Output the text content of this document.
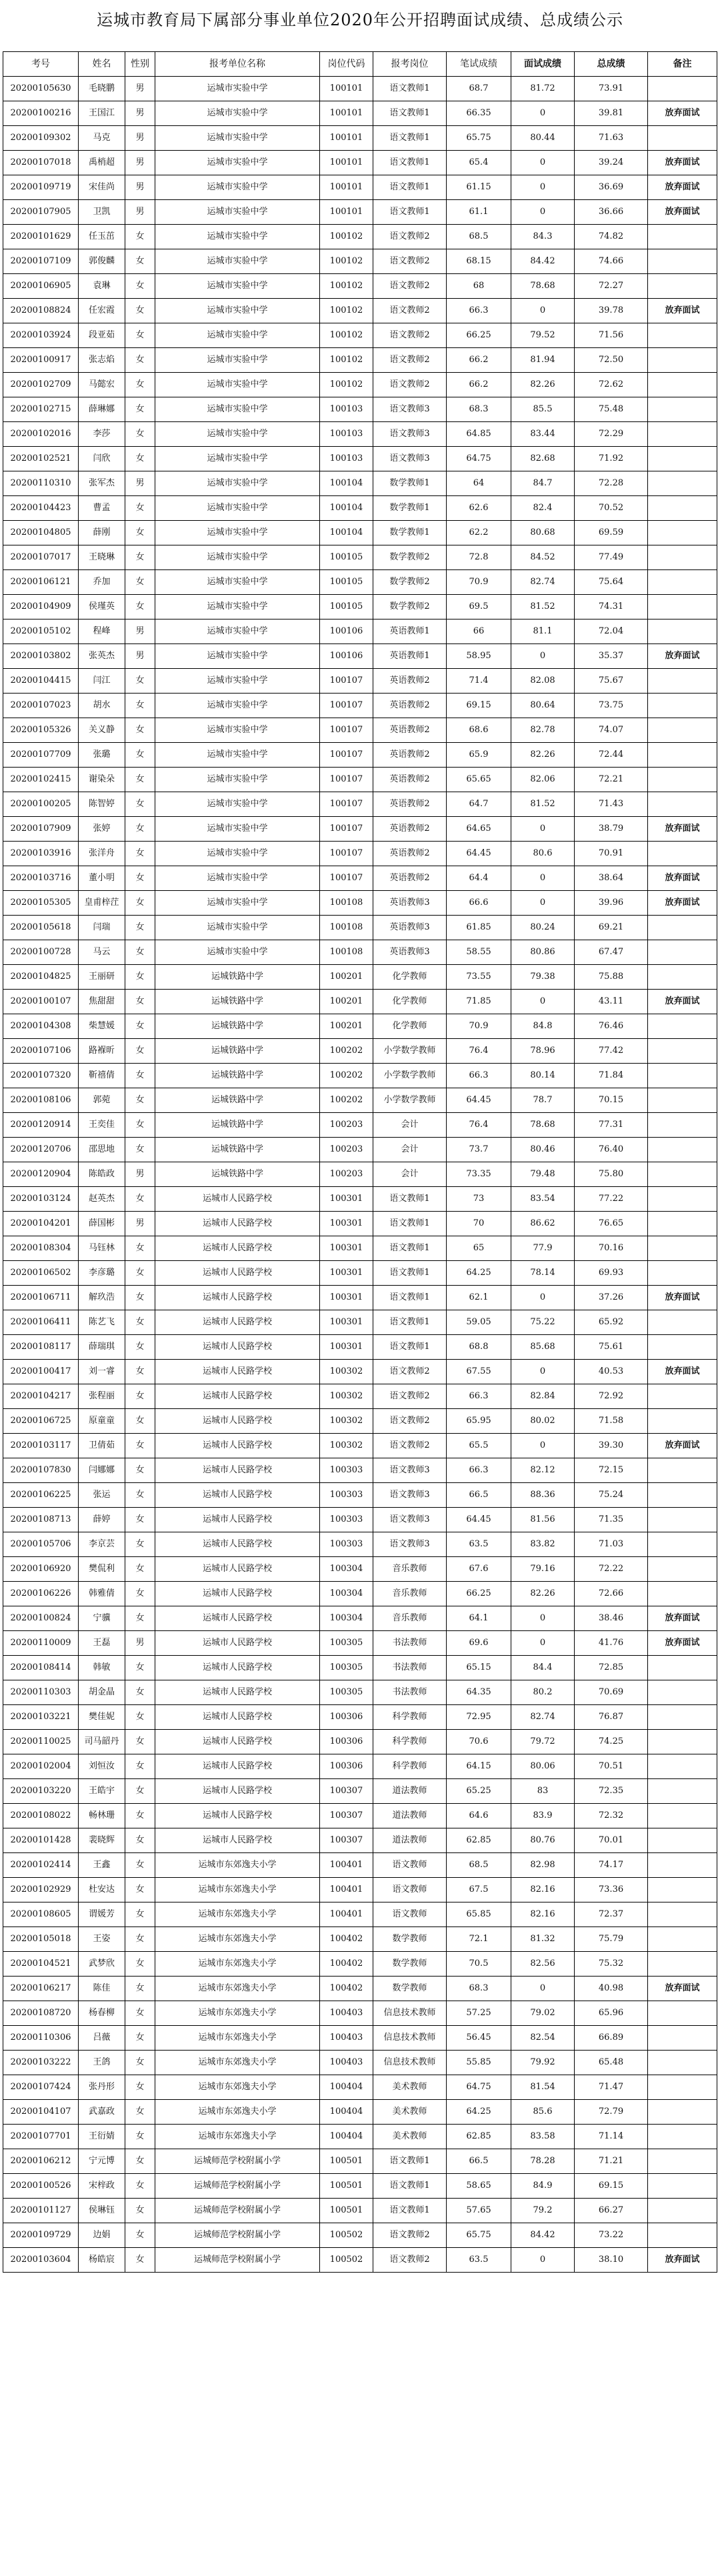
运城市教育局下属部分事业单位2020年公开招聘面试成绩、总成绩公示
考号	姓名	性别	报考单位名称	岗位代码	报考岗位	笔试成绩	面试成绩	总成绩	备注
20200105630	毛晓鹏	男	运城市实验中学	100101	语文教师1	68.7	81.72	73.91	
20200100216	王国江	男	运城市实验中学	100101	语文教师1	66.35	0	39.81	放弃面试
20200109302	马克	男	运城市实验中学	100101	语文教师1	65.75	80.44	71.63	
20200107018	禹梢超	男	运城市实验中学	100101	语文教师1	65.4	0	39.24	放弃面试
20200109719	宋佳尚	男	运城市实验中学	100101	语文教师1	61.15	0	36.69	放弃面试
20200107905	卫凯	男	运城市实验中学	100101	语文教师1	61.1	0	36.66	放弃面试
20200101629	任玉茁	女	运城市实验中学	100102	语文教师2	68.5	84.3	74.82	
20200107109	郭俊麟	女	运城市实验中学	100102	语文教师2	68.15	84.42	74.66	
20200106905	袁琳	女	运城市实验中学	100102	语文教师2	68	78.68	72.27	
20200108824	任宏霞	女	运城市实验中学	100102	语文教师2	66.3	0	39.78	放弃面试
20200103924	段亚茹	女	运城市实验中学	100102	语文教师2	66.25	79.52	71.56	
20200100917	张志焰	女	运城市实验中学	100102	语文教师2	66.2	81.94	72.50	
20200102709	马懿宏	女	运城市实验中学	100102	语文教师2	66.2	82.26	72.62	
20200102715	薛琳娜	女	运城市实验中学	100103	语文教师3	68.3	85.5	75.48	
20200102016	李莎	女	运城市实验中学	100103	语文教师3	64.85	83.44	72.29	
20200102521	闫欣	女	运城市实验中学	100103	语文教师3	64.75	82.68	71.92	
20200110310	张军杰	男	运城市实验中学	100104	数学教师1	64	84.7	72.28	
20200104423	曹孟	女	运城市实验中学	100104	数学教师1	62.6	82.4	70.52	
20200104805	薛刚	女	运城市实验中学	100104	数学教师1	62.2	80.68	69.59	
20200107017	王晓琳	女	运城市实验中学	100105	数学教师2	72.8	84.52	77.49	
20200106121	乔加	女	运城市实验中学	100105	数学教师2	70.9	82.74	75.64	
20200104909	侯瑾英	女	运城市实验中学	100105	数学教师2	69.5	81.52	74.31	
20200105102	程峰	男	运城市实验中学	100106	英语教师1	66	81.1	72.04	
20200103802	张英杰	男	运城市实验中学	100106	英语教师1	58.95	0	35.37	放弃面试
20200104415	闫江	女	运城市实验中学	100107	英语教师2	71.4	82.08	75.67	
20200107023	胡水	女	运城市实验中学	100107	英语教师2	69.15	80.64	73.75	
20200105326	关义静	女	运城市实验中学	100107	英语教师2	68.6	82.78	74.07	
20200107709	张璐	女	运城市实验中学	100107	英语教师2	65.9	82.26	72.44	
20200102415	谢染朵	女	运城市实验中学	100107	英语教师2	65.65	82.06	72.21	
20200100205	陈智婷	女	运城市实验中学	100107	英语教师2	64.7	81.52	71.43	
20200107909	张婷	女	运城市实验中学	100107	英语教师2	64.65	0	38.79	放弃面试
20200103916	张洋舟	女	运城市实验中学	100107	英语教师2	64.45	80.6	70.91	
20200103716	董小明	女	运城市实验中学	100107	英语教师2	64.4	0	38.64	放弃面试
20200105305	皇甫梓茳	女	运城市实验中学	100108	英语教师3	66.6	0	39.96	放弃面试
20200105618	闫瑞	女	运城市实验中学	100108	英语教师3	61.85	80.24	69.21	
20200100728	马云	女	运城市实验中学	100108	英语教师3	58.55	80.86	67.47	
20200104825	王丽研	女	运城铁路中学	100201	化学教师	73.55	79.38	75.88	
20200100107	焦甜甜	女	运城铁路中学	100201	化学教师	71.85	0	43.11	放弃面试
20200104308	柴慧媛	女	运城铁路中学	100201	化学教师	70.9	84.8	76.46	
20200107106	路褓昕	女	运城铁路中学	100202	小学数学教师	76.4	78.96	77.42	
20200107320	靳禧倩	女	运城铁路中学	100202	小学数学教师	66.3	80.14	71.84	
20200108106	郭菀	女	运城铁路中学	100202	小学数学教师	64.45	78.7	70.15	
20200120914	王奕佳	女	运城铁路中学	100203	会计	76.4	78.68	77.31	
20200120706	邵思地	女	运城铁路中学	100203	会计	73.7	80.46	76.40	
20200120904	陈皓政	男	运城铁路中学	100203	会计	73.35	79.48	75.80	
20200103124	赵英杰	女	运城市人民路学校	100301	语文教师1	73	83.54	77.22	
20200104201	薛国彬	男	运城市人民路学校	100301	语文教师1	70	86.62	76.65	
20200108304	马钰林	女	运城市人民路学校	100301	语文教师1	65	77.9	70.16	
20200106502	李彦璐	女	运城市人民路学校	100301	语文教师1	64.25	78.14	69.93	
20200106711	解玖浩	女	运城市人民路学校	100301	语文教师1	62.1	0	37.26	放弃面试
20200106411	陈艺飞	女	运城市人民路学校	100301	语文教师1	59.05	75.22	65.92	
20200108117	薛瑞琪	女	运城市人民路学校	100301	语文教师1	68.8	85.68	75.61	
20200100417	刘一睿	女	运城市人民路学校	100302	语文教师2	67.55	0	40.53	放弃面试
20200104217	张程丽	女	运城市人民路学校	100302	语文教师2	66.3	82.84	72.92	
20200106725	原童童	女	运城市人民路学校	100302	语文教师2	65.95	80.02	71.58	
20200103117	卫倩茹	女	运城市人民路学校	100302	语文教师2	65.5	0	39.30	放弃面试
20200107830	闫娜娜	女	运城市人民路学校	100303	语文教师3	66.3	82.12	72.15	
20200106225	张运	女	运城市人民路学校	100303	语文教师3	66.5	88.36	75.24	
20200108713	薛婷	女	运城市人民路学校	100303	语文教师3	64.45	81.56	71.35	
20200105706	李京芸	女	运城市人民路学校	100303	语文教师3	63.5	83.82	71.03	
20200106920	樊侃利	女	运城市人民路学校	100304	音乐教师	67.6	79.16	72.22	
20200106226	韩雅倩	女	运城市人民路学校	100304	音乐教师	66.25	82.26	72.66	
20200100824	宁骥	女	运城市人民路学校	100304	音乐教师	64.1	0	38.46	放弃面试
20200110009	王磊	男	运城市人民路学校	100305	书法教师	69.6	0	41.76	放弃面试
20200108414	韩敏	女	运城市人民路学校	100305	书法教师	65.15	84.4	72.85	
20200110303	胡金晶	女	运城市人民路学校	100305	书法教师	64.35	80.2	70.69	
20200103221	樊佳妮	女	运城市人民路学校	100306	科学教师	72.95	82.74	76.87	
20200110025	司马韶丹	女	运城市人民路学校	100306	科学教师	70.6	79.72	74.25	
20200102004	刘恒汝	女	运城市人民路学校	100306	科学教师	64.15	80.06	70.51	
20200103220	王皓宇	女	运城市人民路学校	100307	道法教师	65.25	83	72.35	
20200108022	畅林珊	女	运城市人民路学校	100307	道法教师	64.6	83.9	72.32	
20200101428	裴晓辉	女	运城市人民路学校	100307	道法教师	62.85	80.76	70.01	
20200102414	王鑫	女	运城市东郊逸夫小学	100401	语文教师	68.5	82.98	74.17	
20200102929	杜安达	女	运城市东郊逸夫小学	100401	语文教师	67.5	82.16	73.36	
20200108605	谓媛芳	女	运城市东郊逸夫小学	100401	语文教师	65.85	82.16	72.37	
20200105018	王姿	女	运城市东郊逸夫小学	100402	数学教师	72.1	81.32	75.79	
20200104521	武梦欣	女	运城市东郊逸夫小学	100402	数学教师	70.5	82.56	75.32	
20200106217	陈佳	女	运城市东郊逸夫小学	100402	数学教师	68.3	0	40.98	放弃面试
20200108720	杨春柳	女	运城市东郊逸夫小学	100403	信息技术教师	57.25	79.02	65.96	
20200110306	吕薇	女	运城市东郊逸夫小学	100403	信息技术教师	56.45	82.54	66.89	
20200103222	王鸽	女	运城市东郊逸夫小学	100403	信息技术教师	55.85	79.92	65.48	
20200107424	张丹形	女	运城市东郊逸夫小学	100404	美术教师	64.75	81.54	71.47	
20200104107	武嘉政	女	运城市东郊逸夫小学	100404	美术教师	64.25	85.6	72.79	
20200107701	王衍婧	女	运城市东郊逸夫小学	100404	美术教师	62.85	83.58	71.14	
20200106212	宁元博	女	运城师范学校附属小学	100501	语文教师1	66.5	78.28	71.21	
20200100526	宋梓政	女	运城师范学校附属小学	100501	语文教师1	58.65	84.9	69.15	
20200101127	侯琳钰	女	运城师范学校附属小学	100501	语文教师1	57.65	79.2	66.27	
20200109729	边娟	女	运城师范学校附属小学	100502	语文教师2	65.75	84.42	73.22	
20200103604	杨皓宸	女	运城师范学校附属小学	100502	语文教师2	63.5	0	38.10	放弃面试
